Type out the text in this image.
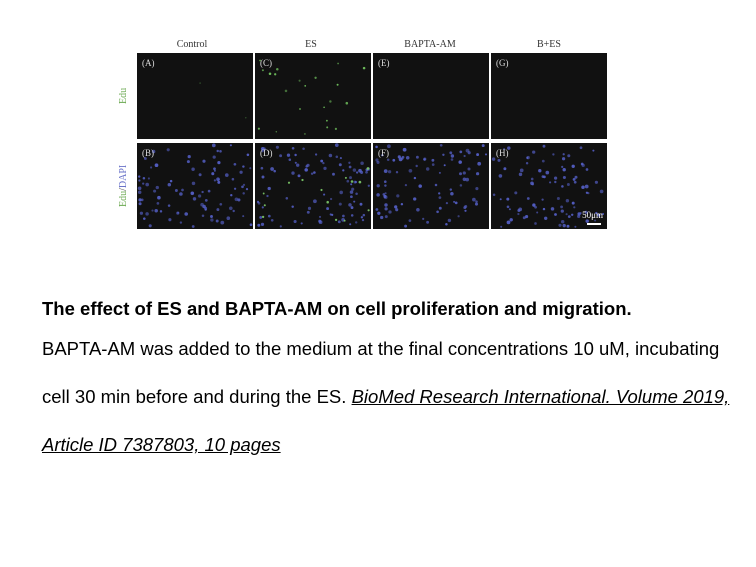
Control	ES	BAPTA-AM	B+ES
Edu
Edu/DAPI
(A)	(C)	(E)	(G)
(B)	(D)	(F)	(H)
50μm
The effect of ES and BAPTA-AM on cell proliferation and migration.
BAPTA-AM was added to the medium at the final concentrations 10 uM, incubating cell 30 min before and during the ES. BioMed Research International. Volume 2019, Article ID 7387803, 10 pages
